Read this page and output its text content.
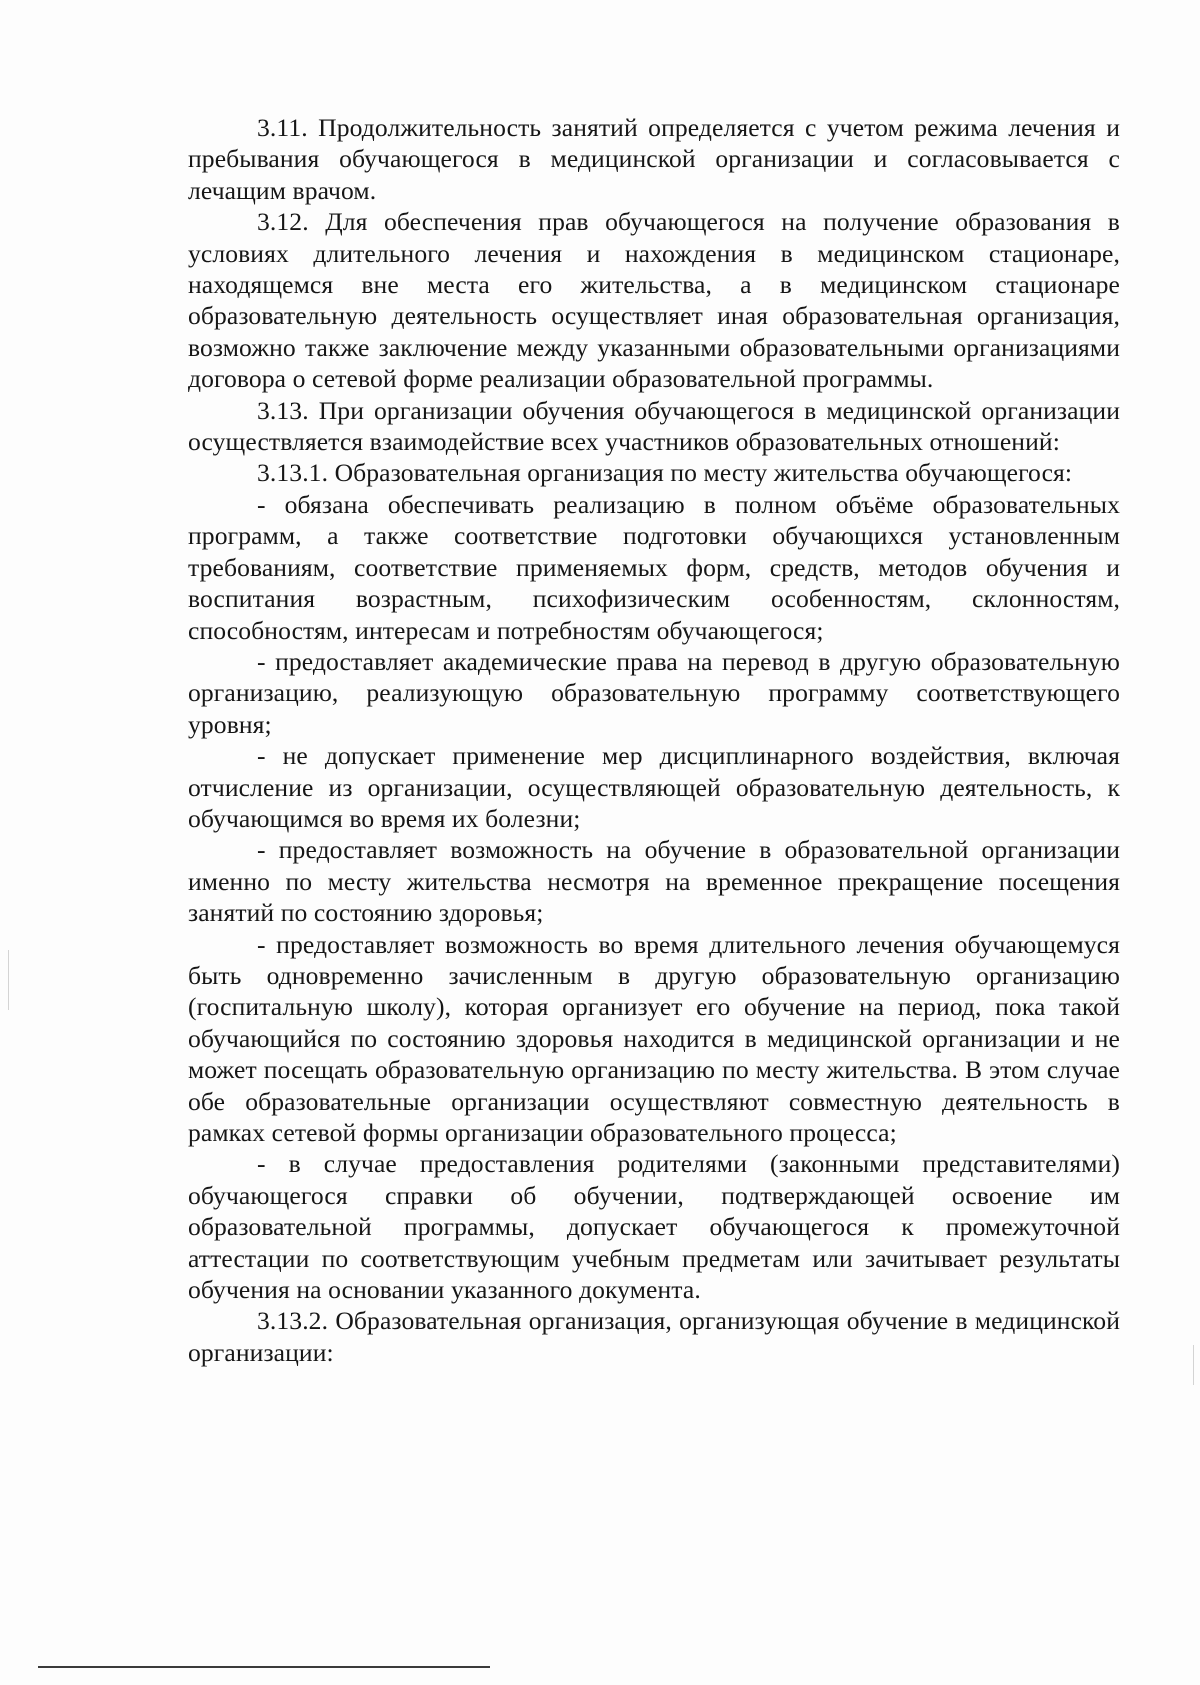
3.11. Продолжительность занятий определяется с учетом режима лечения и пребывания обучающегося в медицинской организации и согласовывается с лечащим врачом.

3.12. Для обеспечения прав обучающегося на получение образования в условиях длительного лечения и нахождения в медицинском стационаре, находящемся вне места его жительства, а в медицинском стационаре образовательную деятельность осуществляет иная образовательная организация, возможно также заключение между указанными образовательными организациями договора о сетевой форме реализации образовательной программы.

3.13. При организации обучения обучающегося в медицинской организации осуществляется взаимодействие всех участников образовательных отношений:

3.13.1. Образовательная организация по месту жительства обучающегося:

- обязана обеспечивать реализацию в полном объёме образовательных программ, а также соответствие подготовки обучающихся установленным требованиям, соответствие применяемых форм, средств, методов обучения и воспитания возрастным, психофизическим особенностям, склонностям, способностям, интересам и потребностям обучающегося;

- предоставляет академические права на перевод в другую образовательную организацию, реализующую образовательную программу соответствующего уровня;

- не допускает применение мер дисциплинарного воздействия, включая отчисление из организации, осуществляющей образовательную деятельность, к обучающимся во время их болезни;

- предоставляет возможность на обучение в образовательной организации именно по месту жительства несмотря на временное прекращение посещения занятий по состоянию здоровья;

- предоставляет возможность во время длительного лечения обучающемуся быть одновременно зачисленным в другую образовательную организацию (госпитальную школу), которая организует его обучение на период, пока такой обучающийся по состоянию здоровья находится в медицинской организации и не может посещать образовательную организацию по месту жительства. В этом случае обе образовательные организации осуществляют совместную деятельность в рамках сетевой формы организации образовательного процесса;

- в случае предоставления родителями (законными представителями) обучающегося справки об обучении, подтверждающей освоение им образовательной программы, допускает обучающегося к промежуточной аттестации по соответствующим учебным предметам или зачитывает результаты обучения на основании указанного документа.

3.13.2. Образовательная организация, организующая обучение в медицинской организации:
